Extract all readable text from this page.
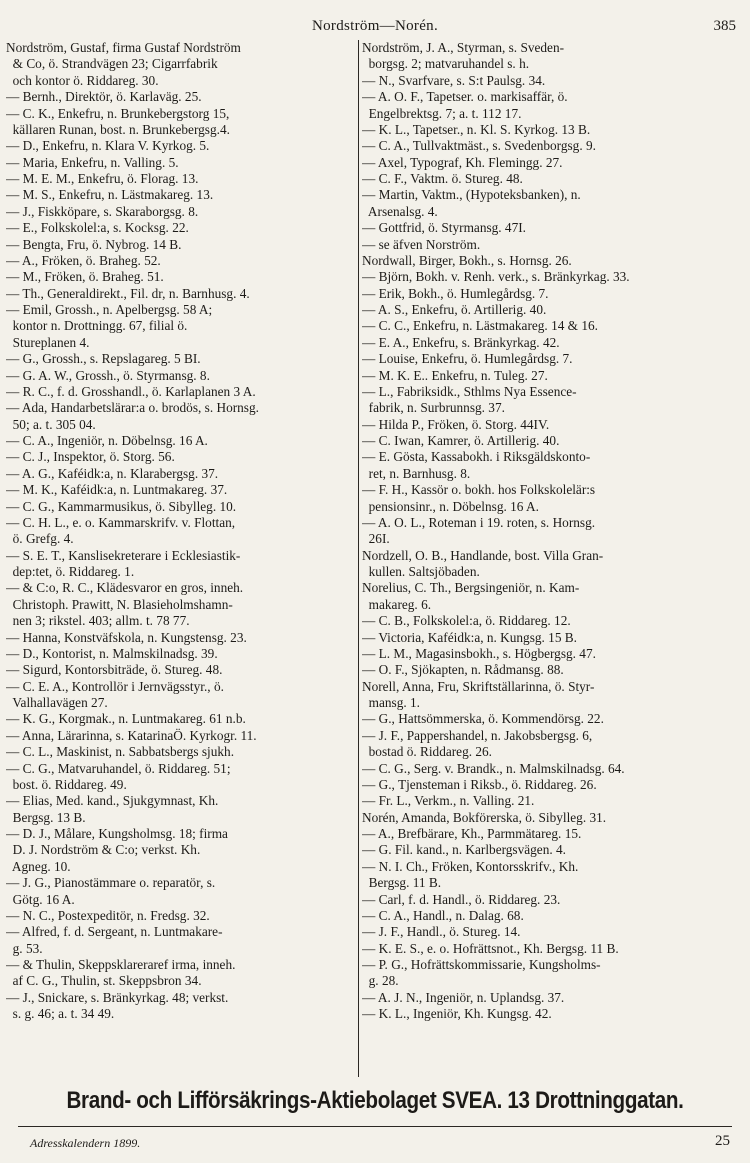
Nordström—Norén.	385
Nordström, Gustaf, firma Gustaf Nordström
& Co, ö. Strandvägen 23; Cigarrfabrik
och kontor ö. Riddareg. 30.
— Bernh., Direktör, ö. Karlaväg. 25.
— C. K., Enkefru, n. Brunkebergstorg 15,
källaren Runan, bost. n. Brunkebergsg.4.
— D., Enkefru, n. Klara V. Kyrkog. 5.
— Maria, Enkefru, n. Valling. 5.
— M. E. M., Enkefru, ö. Florag. 13.
— M. S., Enkefru, n. Lästmakareg. 13.
— J., Fiskköpare, s. Skaraborgsg. 8.
— E., Folkskolel:a, s. Kocksg. 22.
— Bengta, Fru, ö. Nybrog. 14 B.
— A., Fröken, ö. Braheg. 52.
— M., Fröken, ö. Braheg. 51.
— Th., Generaldirekt., Fil. dr, n. Barnhusg. 4.
— Emil, Grossh., n. Apelbergsg. 58 A;
kontor n. Drottningg. 67, filial ö.
Stureplanen 4.
— G., Grossh., s. Repslagareg. 5 BI.
— G. A. W., Grossh., ö. Styrmansg. 8.
— R. C., f. d. Grosshandl., ö. Karlaplanen 3 A.
— Ada, Handarbetslärar:a o. brodös, s. Hornsg.
50; a. t. 305 04.
— C. A., Ingeniör, n. Döbelnsg. 16 A.
— C. J., Inspektor, ö. Storg. 56.
— A. G., Kaféidk:a, n. Klarabergsg. 37.
— M. K., Kaféidk:a, n. Luntmakareg. 37.
— C. G., Kammarmusikus, ö. Sibylleg. 10.
— C. H. L., e. o. Kammarskrifv. v. Flottan,
ö. Grefg. 4.
— S. E. T., Kanslisekreterare i Ecklesiastik-
dep:tet, ö. Riddareg. 1.
— & C:o, R. C., Klädesvaror en gros, inneh.
Christoph. Prawitt, N. Blasieholmshamn-
nen 3; rikstel. 403; allm. t. 78 77.
— Hanna, Konstväfskola, n. Kungstensg. 23.
— D., Kontorist, n. Malmskilnadsg. 39.
— Sigurd, Kontorsbiträde, ö. Stureg. 48.
— C. E. A., Kontrollör i Jernvägsstyr., ö.
Valhallavägen 27.
— K. G., Korgmak., n. Luntmakareg. 61 n.b.
— Anna, Lärarinna, s. KatarinaÖ. Kyrkogr. 11.
— C. L., Maskinist, n. Sabbatsbergs sjukh.
— C. G., Matvaruhandel, ö. Riddareg. 51;
bost. ö. Riddareg. 49.
— Elias, Med. kand., Sjukgymnast, Kh.
Bergsg. 13 B.
— D. J., Målare, Kungsholmsg. 18; firma
D. J. Nordström & C:o; verkst. Kh.
Agneg. 10.
— J. G., Pianostämmare o. reparatör, s.
Götg. 16 A.
— N. C., Postexpeditör, n. Fredsg. 32.
— Alfred, f. d. Sergeant, n. Luntmakare-
g. 53.
— & Thulin, Skeppsklareraref irma, inneh.
af C. G., Thulin, st. Skeppsbron 34.
— J., Snickare, s. Bränkyrkag. 48; verkst.
s. g. 46; a. t. 34 49.
Nordström, J. A., Styrman, s. Sveden-
borgsg. 2; matvaruhandel s. h.
— N., Svarfvare, s. S:t Paulsg. 34.
— A. O. F., Tapetser. o. markisaffär, ö.
Engelbrektsg. 7; a. t. 112 17.
— K. L., Tapetser., n. Kl. S. Kyrkog. 13 B.
— C. A., Tullvaktmäst., s. Svedenborgsg. 9.
— Axel, Typograf, Kh. Flemingg. 27.
— C. F., Vaktm. ö. Stureg. 48.
— Martin, Vaktm., (Hypoteksbanken), n.
Arsenalsg. 4.
— Gottfrid, ö. Styrmansg. 47I.
— se äfven Norström.
Nordwall, Birger, Bokh., s. Hornsg. 26.
— Björn, Bokh. v. Renh. verk., s. Bränkyrkag. 33.
— Erik, Bokh., ö. Humlegårdsg. 7.
— A. S., Enkefru, ö. Artillerig. 40.
— C. C., Enkefru, n. Lästmakareg. 14 & 16.
— E. A., Enkefru, s. Bränkyrkag. 42.
— Louise, Enkefru, ö. Humlegårdsg. 7.
— M. K. E.. Enkefru, n. Tuleg. 27.
— L., Fabriksidk., Sthlms Nya Essence-
fabrik, n. Surbrunnsg. 37.
— Hilda P., Fröken, ö. Storg. 44IV.
— C. Iwan, Kamrer, ö. Artillerig. 40.
— E. Gösta, Kassabokh. i Riksgäldskonto-
ret, n. Barnhusg. 8.
— F. H., Kassör o. bokh. hos Folkskolelär:s
pensionsinr., n. Döbelnsg. 16 A.
— A. O. L., Roteman i 19. roten, s. Hornsg.
26I.
Nordzell, O. B., Handlande, bost. Villa Gran-
kullen. Saltsjöbaden.
Norelius, C. Th., Bergsingeniör, n. Kam-
makareg. 6.
— C. B., Folkskolel:a, ö. Riddareg. 12.
— Victoria, Kaféidk:a, n. Kungsg. 15 B.
— L. M., Magasinsbokh., s. Högbergsg. 47.
— O. F., Sjökapten, n. Rådmansg. 88.
Norell, Anna, Fru, Skriftställarinna, ö. Styr-
mansg. 1.
— G., Hattsömmerska, ö. Kommendörsg. 22.
— J. F., Pappershandel, n. Jakobsbergsg. 6,
bostad ö. Riddareg. 26.
— C. G., Serg. v. Brandk., n. Malmskilnadsg. 64.
— G., Tjensteman i Riksb., ö. Riddareg. 26.
— Fr. L., Verkm., n. Valling. 21.
Norén, Amanda, Bokförerska, ö. Sibylleg. 31.
— A., Brefbärare, Kh., Parmmätareg. 15.
— G. Fil. kand., n. Karlbergsvägen. 4.
— N. I. Ch., Fröken, Kontorsskrifv., Kh.
Bergsg. 11 B.
— Carl, f. d. Handl., ö. Riddareg. 23.
— C. A., Handl., n. Dalag. 68.
— J. F., Handl., ö. Stureg. 14.
— K. E. S., e. o. Hofrättsnot., Kh. Bergsg. 11 B.
— P. G., Hofrättskommissarie, Kungsholms-
g. 28.
— A. J. N., Ingeniör, n. Uplandsg. 37.
— K. L., Ingeniör, Kh. Kungsg. 42.
Brand- och Lifförsäkrings-Aktiebolaget SVEA. 13 Drottninggatan.
Adresskalendern 1899.	25
